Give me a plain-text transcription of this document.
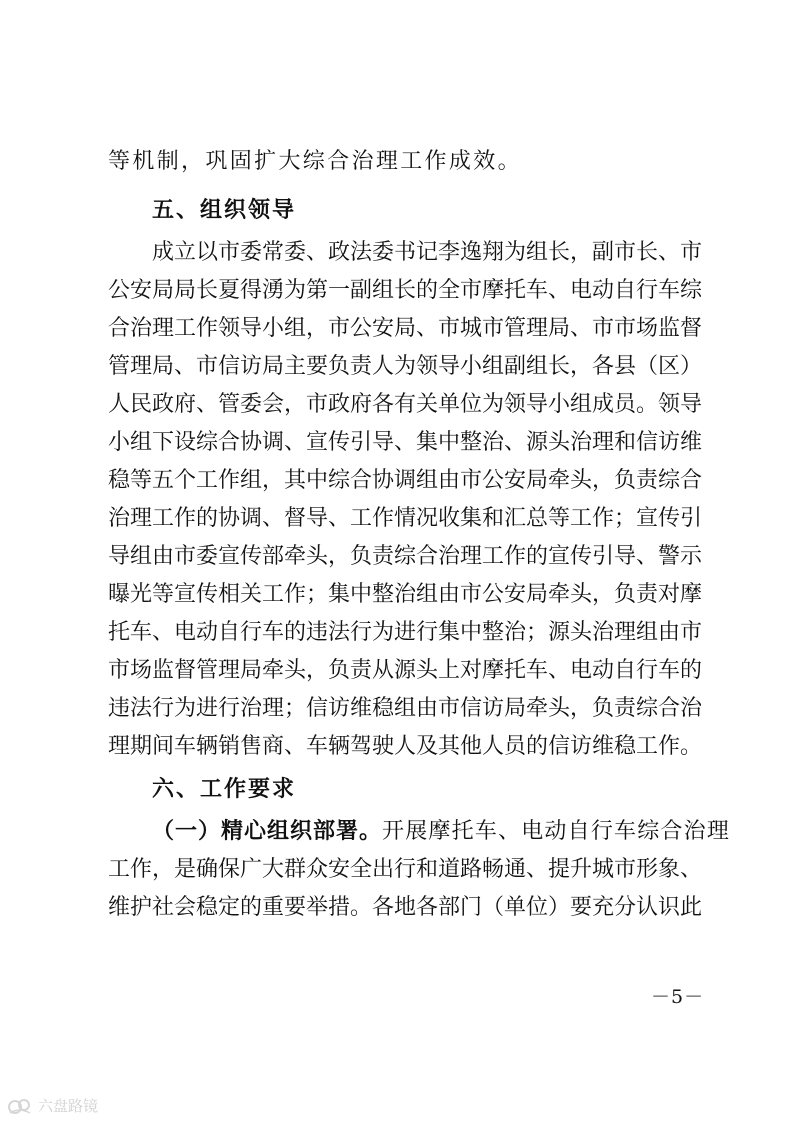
等机制，巩固扩大综合治理工作成效。
五、组织领导
成立以市委常委、政法委书记李逸翔为组长，副市长、市
公安局局长夏得湧为第一副组长的全市摩托车、电动自行车综
合治理工作领导小组，市公安局、市城市管理局、市市场监督
管理局、市信访局主要负责人为领导小组副组长，各县（区）
人民政府、管委会，市政府各有关单位为领导小组成员。领导
小组下设综合协调、宣传引导、集中整治、源头治理和信访维
稳等五个工作组，其中综合协调组由市公安局牵头，负责综合
治理工作的协调、督导、工作情况收集和汇总等工作；宣传引
导组由市委宣传部牵头，负责综合治理工作的宣传引导、警示
曝光等宣传相关工作；集中整治组由市公安局牵头，负责对摩
托车、电动自行车的违法行为进行集中整治；源头治理组由市
市场监督管理局牵头，负责从源头上对摩托车、电动自行车的
违法行为进行治理；信访维稳组由市信访局牵头，负责综合治
理期间车辆销售商、车辆驾驶人及其他人员的信访维稳工作。
六、工作要求
（一）精心组织部署。开展摩托车、电动自行车综合治理
工作，是确保广大群众安全出行和道路畅通、提升城市形象、
维护社会稳定的重要举措。各地各部门（单位）要充分认识此
－5－
六盘路镜
